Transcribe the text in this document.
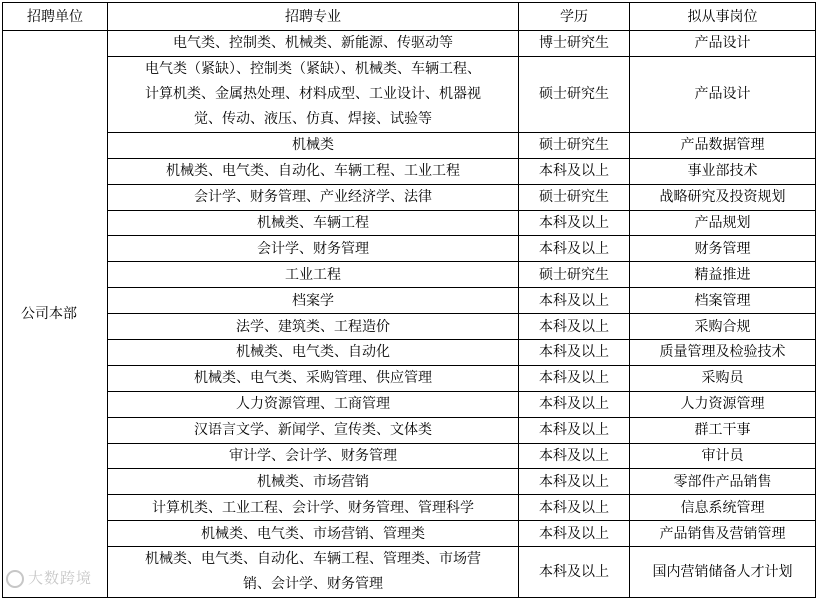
招聘单位	招聘专业	学历	拟从事岗位
公司本部	电气类、控制类、机械类、新能源、传驱动等	博士研究生	产品设计

	电气类（紧缺）、控制类（紧缺）、机械类、车辆工程、
计算机类、金属热处理、材料成型、工业设计、机器视
觉、传动、液压、仿真、焊接、试验等	硕士研究生	产品设计
	机械类	硕士研究生	产品数据管理
	机械类、电气类、自动化、车辆工程、工业工程	本科及以上	事业部技术
	会计学、财务管理、产业经济学、法律	硕士研究生	战略研究及投资规划
	机械类、车辆工程	本科及以上	产品规划
	会计学、财务管理	本科及以上	财务管理
	工业工程	硕士研究生	精益推进
	档案学	本科及以上	档案管理
	法学、建筑类、工程造价	本科及以上	采购合规
	机械类、电气类、自动化	本科及以上	质量管理及检验技术
	机械类、电气类、采购管理、供应管理	本科及以上	采购员
	人力资源管理、工商管理	本科及以上	人力资源管理
	汉语言文学、新闻学、宣传类、文体类	本科及以上	群工干事
	审计学、会计学、财务管理	本科及以上	审计员
	机械类、市场营销	本科及以上	零部件产品销售
	计算机类、工业工程、会计学、财务管理、管理科学	本科及以上	信息系统管理
	机械类、电气类、市场营销、管理类	本科及以上	产品销售及营销管理

	机械类、电气类、自动化、车辆工程、管理类、市场营
销、会计学、财务管理	本科及以上	国内营销储备人才计划
大数跨境
